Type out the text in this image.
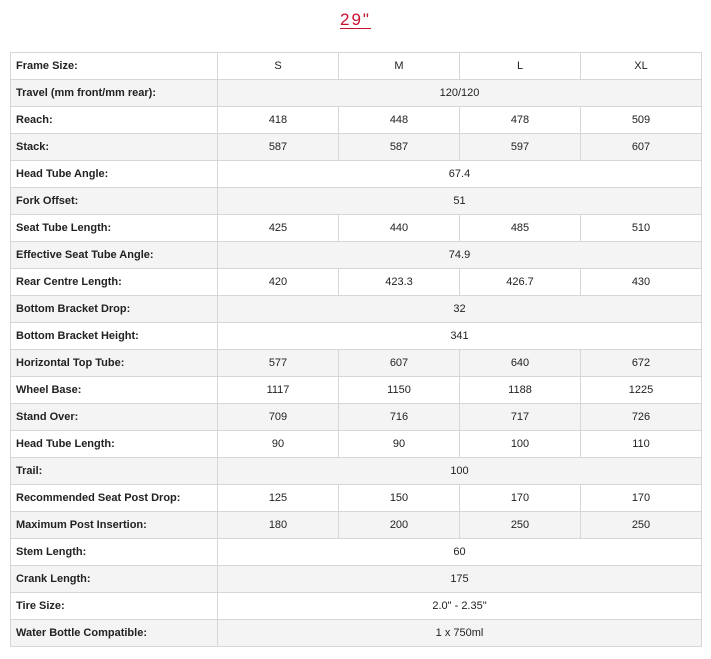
29"
Frame Size:	S	M	L	XL
Travel (mm front/mm rear):	120/120			
Reach:	418	448	478	509
Stack:	587	587	597	607
Head Tube Angle:	67.4			
Fork Offset:	51			
Seat Tube Length:	425	440	485	510
Effective Seat Tube Angle:	74.9			
Rear Centre Length:	420	423.3	426.7	430
Bottom Bracket Drop:	32			
Bottom Bracket Height:	341			
Horizontal Top Tube:	577	607	640	672
Wheel Base:	1117	1150	1188	1225
Stand Over:	709	716	717	726
Head Tube Length:	90	90	100	110
Trail:	100			
Recommended Seat Post Drop:	125	150	170	170
Maximum Post Insertion:	180	200	250	250
Stem Length:	60			
Crank Length:	175			
Tire Size:	2.0" - 2.35"			
Water Bottle Compatible:	1 x 750ml			
